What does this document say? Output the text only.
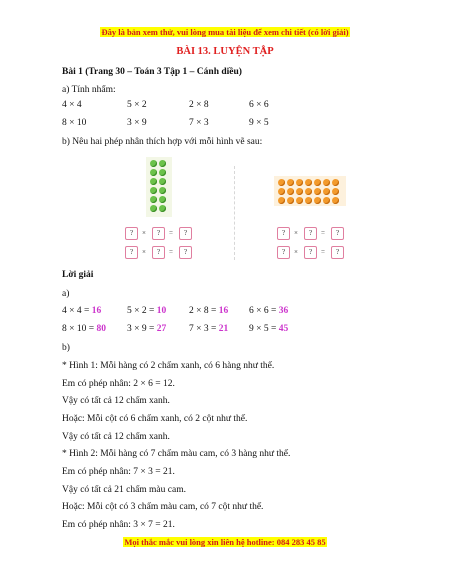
Đây là bản xem thử, vui lòng mua tài liệu để xem chi tiết (có lời giải)
BÀI 13. LUYỆN TẬP
Bài 1 (Trang 30 – Toán 3 Tập 1 – Cánh diều)
a) Tính nhẩm:
4 × 4	5 × 2	2 × 8	6 × 6
8 × 10	3 × 9	7 × 3	9 × 5
b) Nêu hai phép nhân thích hợp với mỗi hình vẽ sau:
?	×	?	=	?
?	×	?	=	?
?	×	?	=	?
?	×	?	=	?
Lời giải
a)
4 × 4 = 16	5 × 2 = 10 2 × 8 = 16 6 × 6 = 36
8 × 10 = 80 3 × 9 = 27 7 × 3 = 21 9 × 5 = 45
b)
* Hình 1: Mỗi hàng có 2 chấm xanh, có 6 hàng như thế.
Em có phép nhân: 2 × 6 = 12.
Vậy có tất cả 12 chấm xanh.
Hoặc: Mỗi cột có 6 chấm xanh, có 2 cột như thế.
Vậy có tất cả 12 chấm xanh.
* Hình 2: Mỗi hàng có 7 chấm màu cam, có 3 hàng như thế.
Em có phép nhân: 7 × 3 = 21.
Vậy có tất cả 21 chấm màu cam.
Hoặc: Mỗi cột có 3 chấm màu cam, có 7 cột như thế.
Em có phép nhân: 3 × 7 = 21.
Mọi thắc mắc vui lòng xin liên hệ hotline: 084 283 45 85
